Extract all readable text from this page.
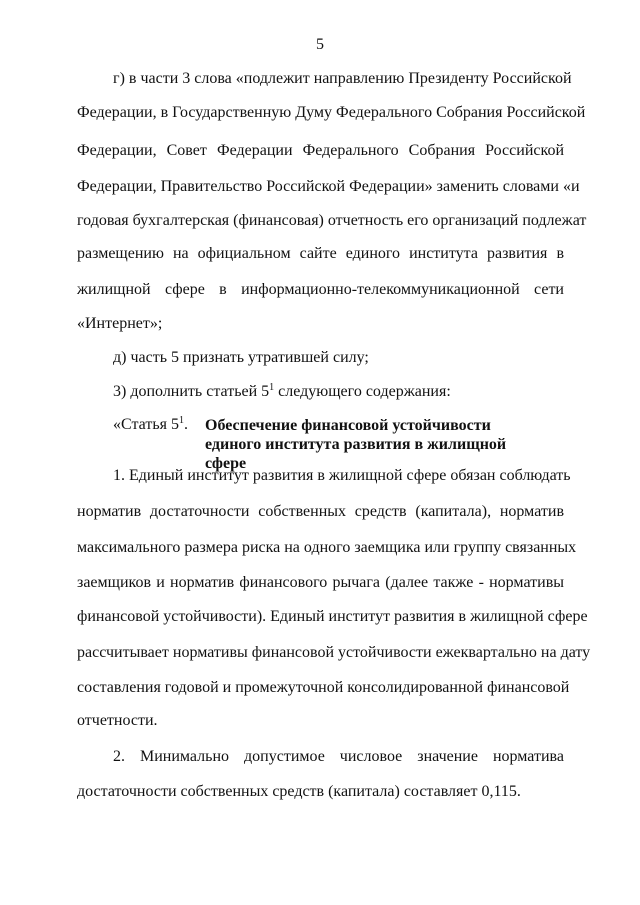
5
г) в части 3 слова «подлежит направлению Президенту Российской
Федерации, в Государственную Думу Федерального Собрания Российской
Федерации, Совет Федерации Федерального Собрания Российской
Федерации, Правительство Российской Федерации» заменить словами «и
годовая бухгалтерская (финансовая) отчетность его организаций подлежат
размещению на официальном сайте единого института развития в
жилищной сфере в информационно-телекоммуникационной сети
«Интернет»;
д) часть 5 признать утратившей силу;
3) дополнить статьей $5^1$ следующего содержания:
«Статья $5^1$. Обеспечение финансовой устойчивости единого института развития в жилищной сфере
1. Единый институт развития в жилищной сфере обязан соблюдать
норматив достаточности собственных средств (капитала), норматив
максимального размера риска на одного заемщика или группу связанных
заемщиков и норматив финансового рычага (далее также - нормативы
финансовой устойчивости). Единый институт развития в жилищной сфере
рассчитывает нормативы финансовой устойчивости ежеквартально на дату
составления годовой и промежуточной консолидированной финансовой
отчетности.
2. Минимально допустимое числовое значение норматива
достаточности собственных средств (капитала) составляет 0,115.
